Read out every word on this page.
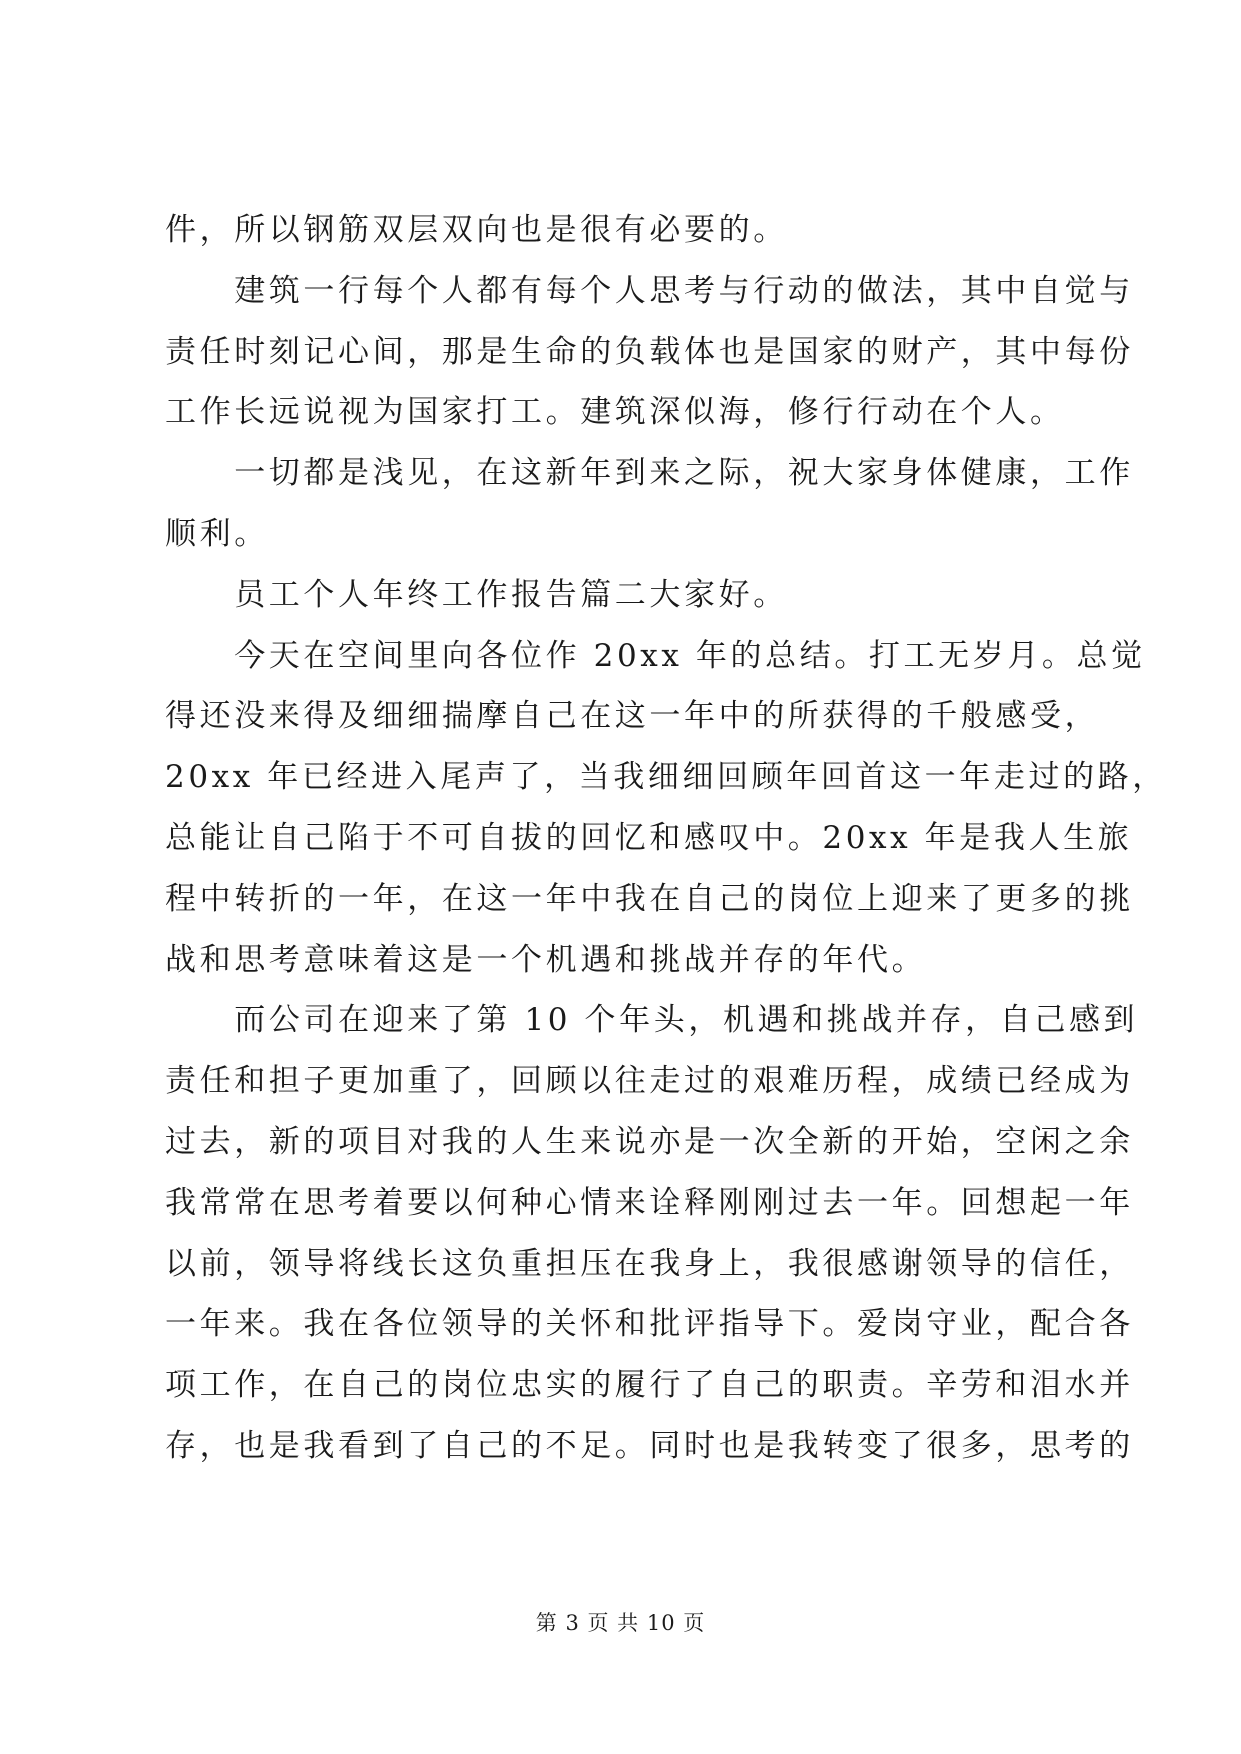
件，所以钢筋双层双向也是很有必要的。
　　建筑一行每个人都有每个人思考与行动的做法，其中自觉与
责任时刻记心间，那是生命的负载体也是国家的财产，其中每份
工作长远说视为国家打工。建筑深似海，修行行动在个人。
　　一切都是浅见，在这新年到来之际，祝大家身体健康，工作
顺利。
　　员工个人年终工作报告篇二大家好。
　　今天在空间里向各位作 20xx 年的总结。打工无岁月。总觉
得还没来得及细细揣摩自己在这一年中的所获得的千般感受，
20xx 年已经进入尾声了，当我细细回顾年回首这一年走过的路，
总能让自己陷于不可自拔的回忆和感叹中。20xx 年是我人生旅
程中转折的一年，在这一年中我在自己的岗位上迎来了更多的挑
战和思考意味着这是一个机遇和挑战并存的年代。
　　而公司在迎来了第 10 个年头，机遇和挑战并存，自己感到
责任和担子更加重了，回顾以往走过的艰难历程，成绩已经成为
过去，新的项目对我的人生来说亦是一次全新的开始，空闲之余
我常常在思考着要以何种心情来诠释刚刚过去一年。回想起一年
以前，领导将线长这负重担压在我身上，我很感谢领导的信任，
一年来。我在各位领导的关怀和批评指导下。爱岗守业，配合各
项工作，在自己的岗位忠实的履行了自己的职责。辛劳和泪水并
存，也是我看到了自己的不足。同时也是我转变了很多，思考的
第 3 页 共 10 页
